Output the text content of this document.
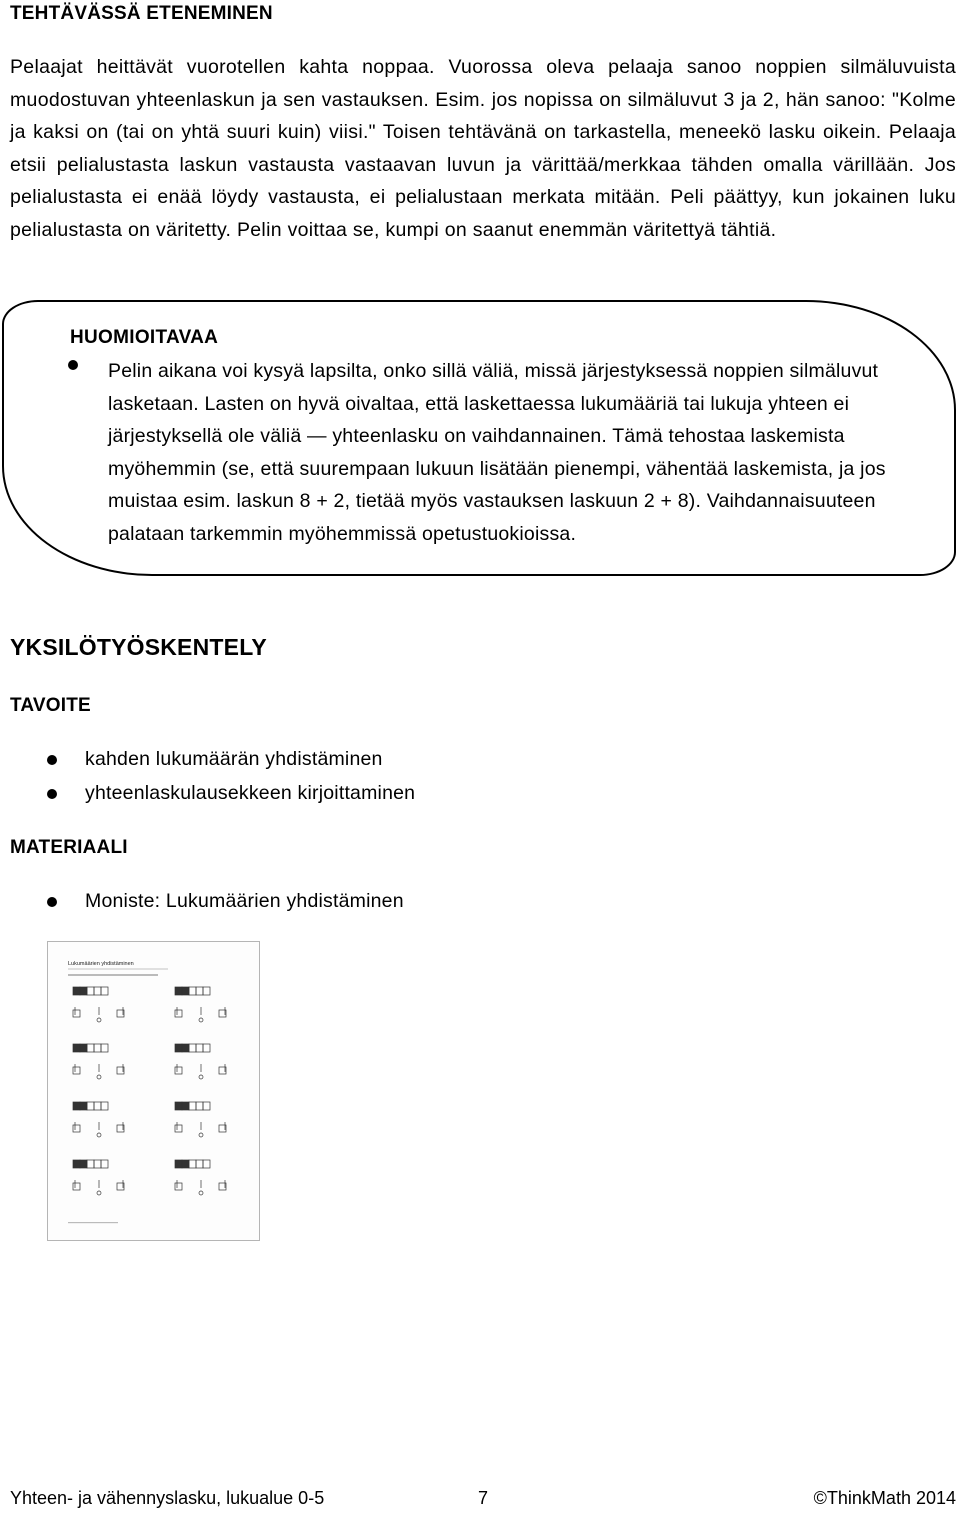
TEHTÄVÄSSÄ ETENEMINEN
Pelaajat heittävät vuorotellen kahta noppaa. Vuorossa oleva pelaaja sanoo noppien silmäluvuista muodostuvan yhteenlaskun ja sen vastauksen. Esim. jos nopissa on silmäluvut 3 ja 2, hän sanoo: "Kolme ja kaksi on (tai on yhtä suuri kuin) viisi." Toisen tehtävänä on tarkastella, meneekö lasku oikein. Pelaaja etsii pelialustasta laskun vastausta vastaavan luvun ja värittää/merkkaa tähden omalla värillään. Jos pelialustasta ei enää löydy vastausta, ei pelialustaan merkata mitään. Peli päättyy, kun jokainen luku pelialustasta on väritetty. Pelin voittaa se, kumpi on saanut enemmän väritettyä tähtiä.
HUOMIOITAVAA
Pelin aikana voi kysyä lapsilta, onko sillä väliä, missä järjestyksessä noppien silmäluvut lasketaan. Lasten on hyvä oivaltaa, että laskettaessa lukumääriä tai lukuja yhteen ei järjestyksellä ole väliä — yhteenlasku on vaihdannainen. Tämä tehostaa laskemista myöhemmin (se, että suurempaan lukuun lisätään pienempi, vähentää laskemista, ja jos muistaa esim. laskun 8 + 2, tietää myös vastauksen laskuun 2 + 8). Vaihdannaisuuteen palataan tarkemmin myöhemmissä opetustuokioissa.
YKSILÖTYÖSKENTELY
TAVOITE
kahden lukumäärän yhdistäminen
yhteenlaskulausekkeen kirjoittaminen
MATERIAALI
Moniste: Lukumäärien yhdistäminen
Lukumäärien yhdistäminen
Yhteen- ja vähennyslasku, lukualue 0-5	7	©ThinkMath 2014
